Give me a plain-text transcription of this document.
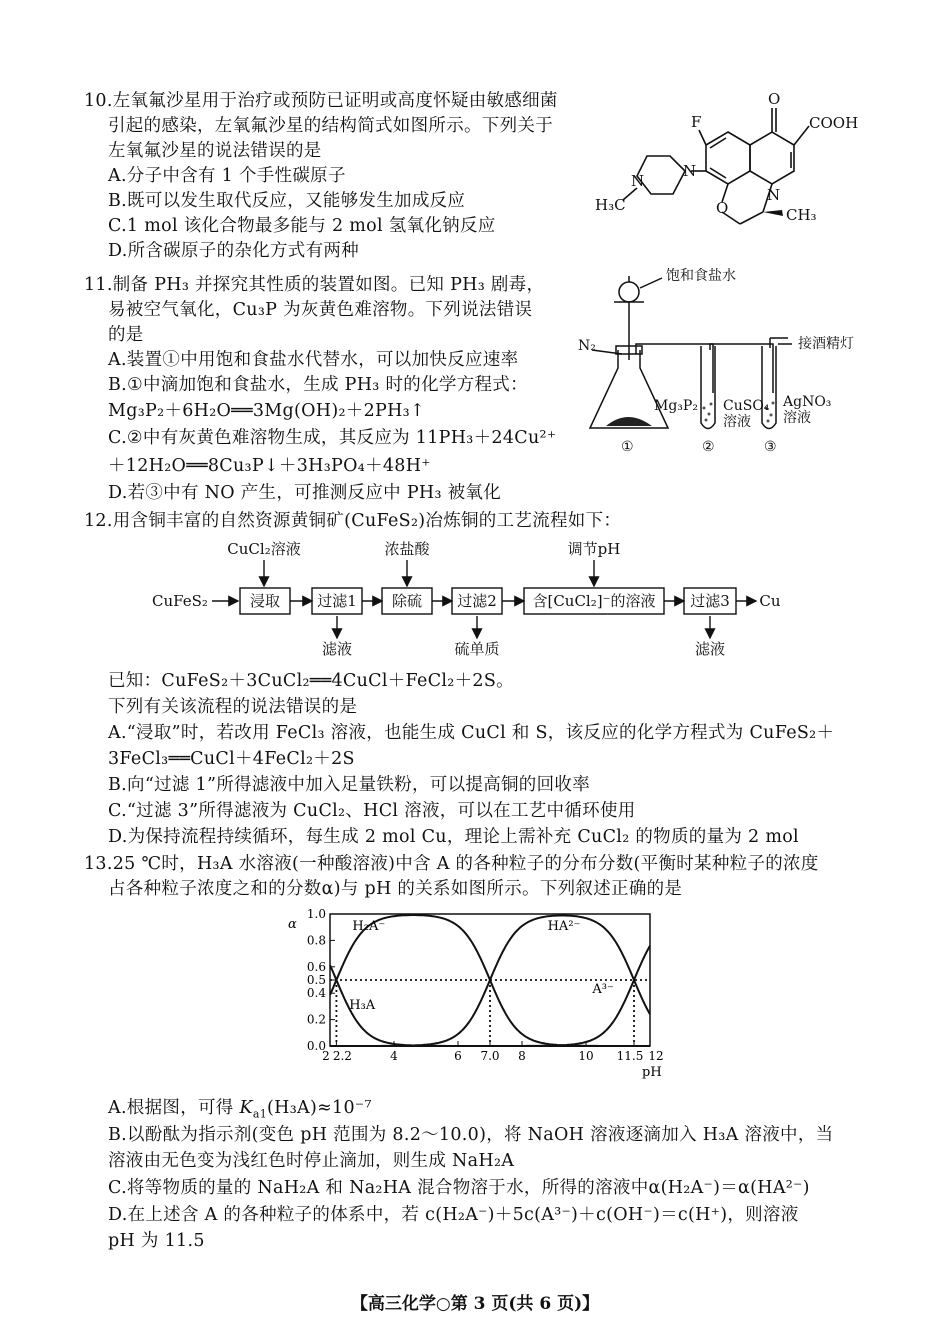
10.左氧氟沙星用于治疗或预防已证明或高度怀疑由敏感细菌
引起的感染，左氧氟沙星的结构简式如图所示。下列关于
左氧氟沙星的说法错误的是
A.分子中含有 1 个手性碳原子
B.既可以发生取代反应，又能够发生加成反应
C.1 mol 该化合物最多能与 2 mol 氢氧化钠反应
D.所含碳原子的杂化方式有两种
O
F	COOH
N
N
N
O
H₃C
CH₃
11.制备 PH₃ 并探究其性质的装置如图。已知 PH₃ 剧毒，
易被空气氧化，Cu₃P 为灰黄色难溶物。下列说法错误
的是
A.装置①中用饱和食盐水代替水，可以加快反应速率
B.①中滴加饱和食盐水，生成 PH₃ 时的化学方程式：
Mg₃P₂＋6H₂O══3Mg(OH)₂＋2PH₃↑
C.②中有灰黄色难溶物生成，其反应为 11PH₃＋24Cu²⁺
＋12H₂O══8Cu₃P↓＋3H₃PO₄＋48H⁺
D.若③中有 NO 产生，可推测反应中 PH₃ 被氧化
饱和食盐水
N₂	接酒精灯
Mg₃P₂ CuSO₄
溶液
AgNO₃
溶液
①	②	③
12.用含铜丰富的自然资源黄铜矿(CuFeS₂)冶炼铜的工艺流程如下：
CuFeS₂	浸取 过滤1 除硫 过滤2 含[CuCl₂]⁻的溶液 过滤3 Cu
CuCl₂溶液	浓盐酸	调节pH
滤液	硫单质	滤液
已知：CuFeS₂＋3CuCl₂══4CuCl＋FeCl₂＋2S。
下列有关该流程的说法错误的是
A.“浸取”时，若改用 FeCl₃ 溶液，也能生成 CuCl 和 S，该反应的化学方程式为 CuFeS₂＋
3FeCl₃══CuCl＋4FeCl₂＋2S
B.向“过滤 1”所得滤液中加入足量铁粉，可以提高铜的回收率
C.“过滤 3”所得滤液为 CuCl₂、HCl 溶液，可以在工艺中循环使用
D.为保持流程持续循环，每生成 2 mol Cu，理论上需补充 CuCl₂ 的物质的量为 2 mol
13.25 ℃时，H₃A 水溶液(一种酸溶液)中含 A 的各种粒子的分布分数(平衡时某种粒子的浓度
占各种粒子浓度之和的分数α)与 pH 的关系如图所示。下列叙述正确的是
0.0
0.2
0.4
0.5
0.6
0.8
1.0
2 2.2	4	6 7.0 8	10 11.5 12
α
pH
H₃A
H₂A⁻	HA²⁻
A³⁻
A.根据图，可得 $K_{a1}(H_3A)\approx 10^{-7}$
B.以酚酞为指示剂(变色 pH 范围为 8.2～10.0)，将 NaOH 溶液逐滴加入 H₃A 溶液中，当
溶液由无色变为浅红色时停止滴加，则生成 NaH₂A
C.将等物质的量的 NaH₂A 和 Na₂HA 混合物溶于水，所得的溶液中α(H₂A⁻)＝α(HA²⁻)
D.在上述含 A 的各种粒子的体系中，若 c(H₂A⁻)＋5c(A³⁻)＋c(OH⁻)＝c(H⁺)，则溶液
pH 为 11.5
【高三化学○第 3 页(共 6 页)】
